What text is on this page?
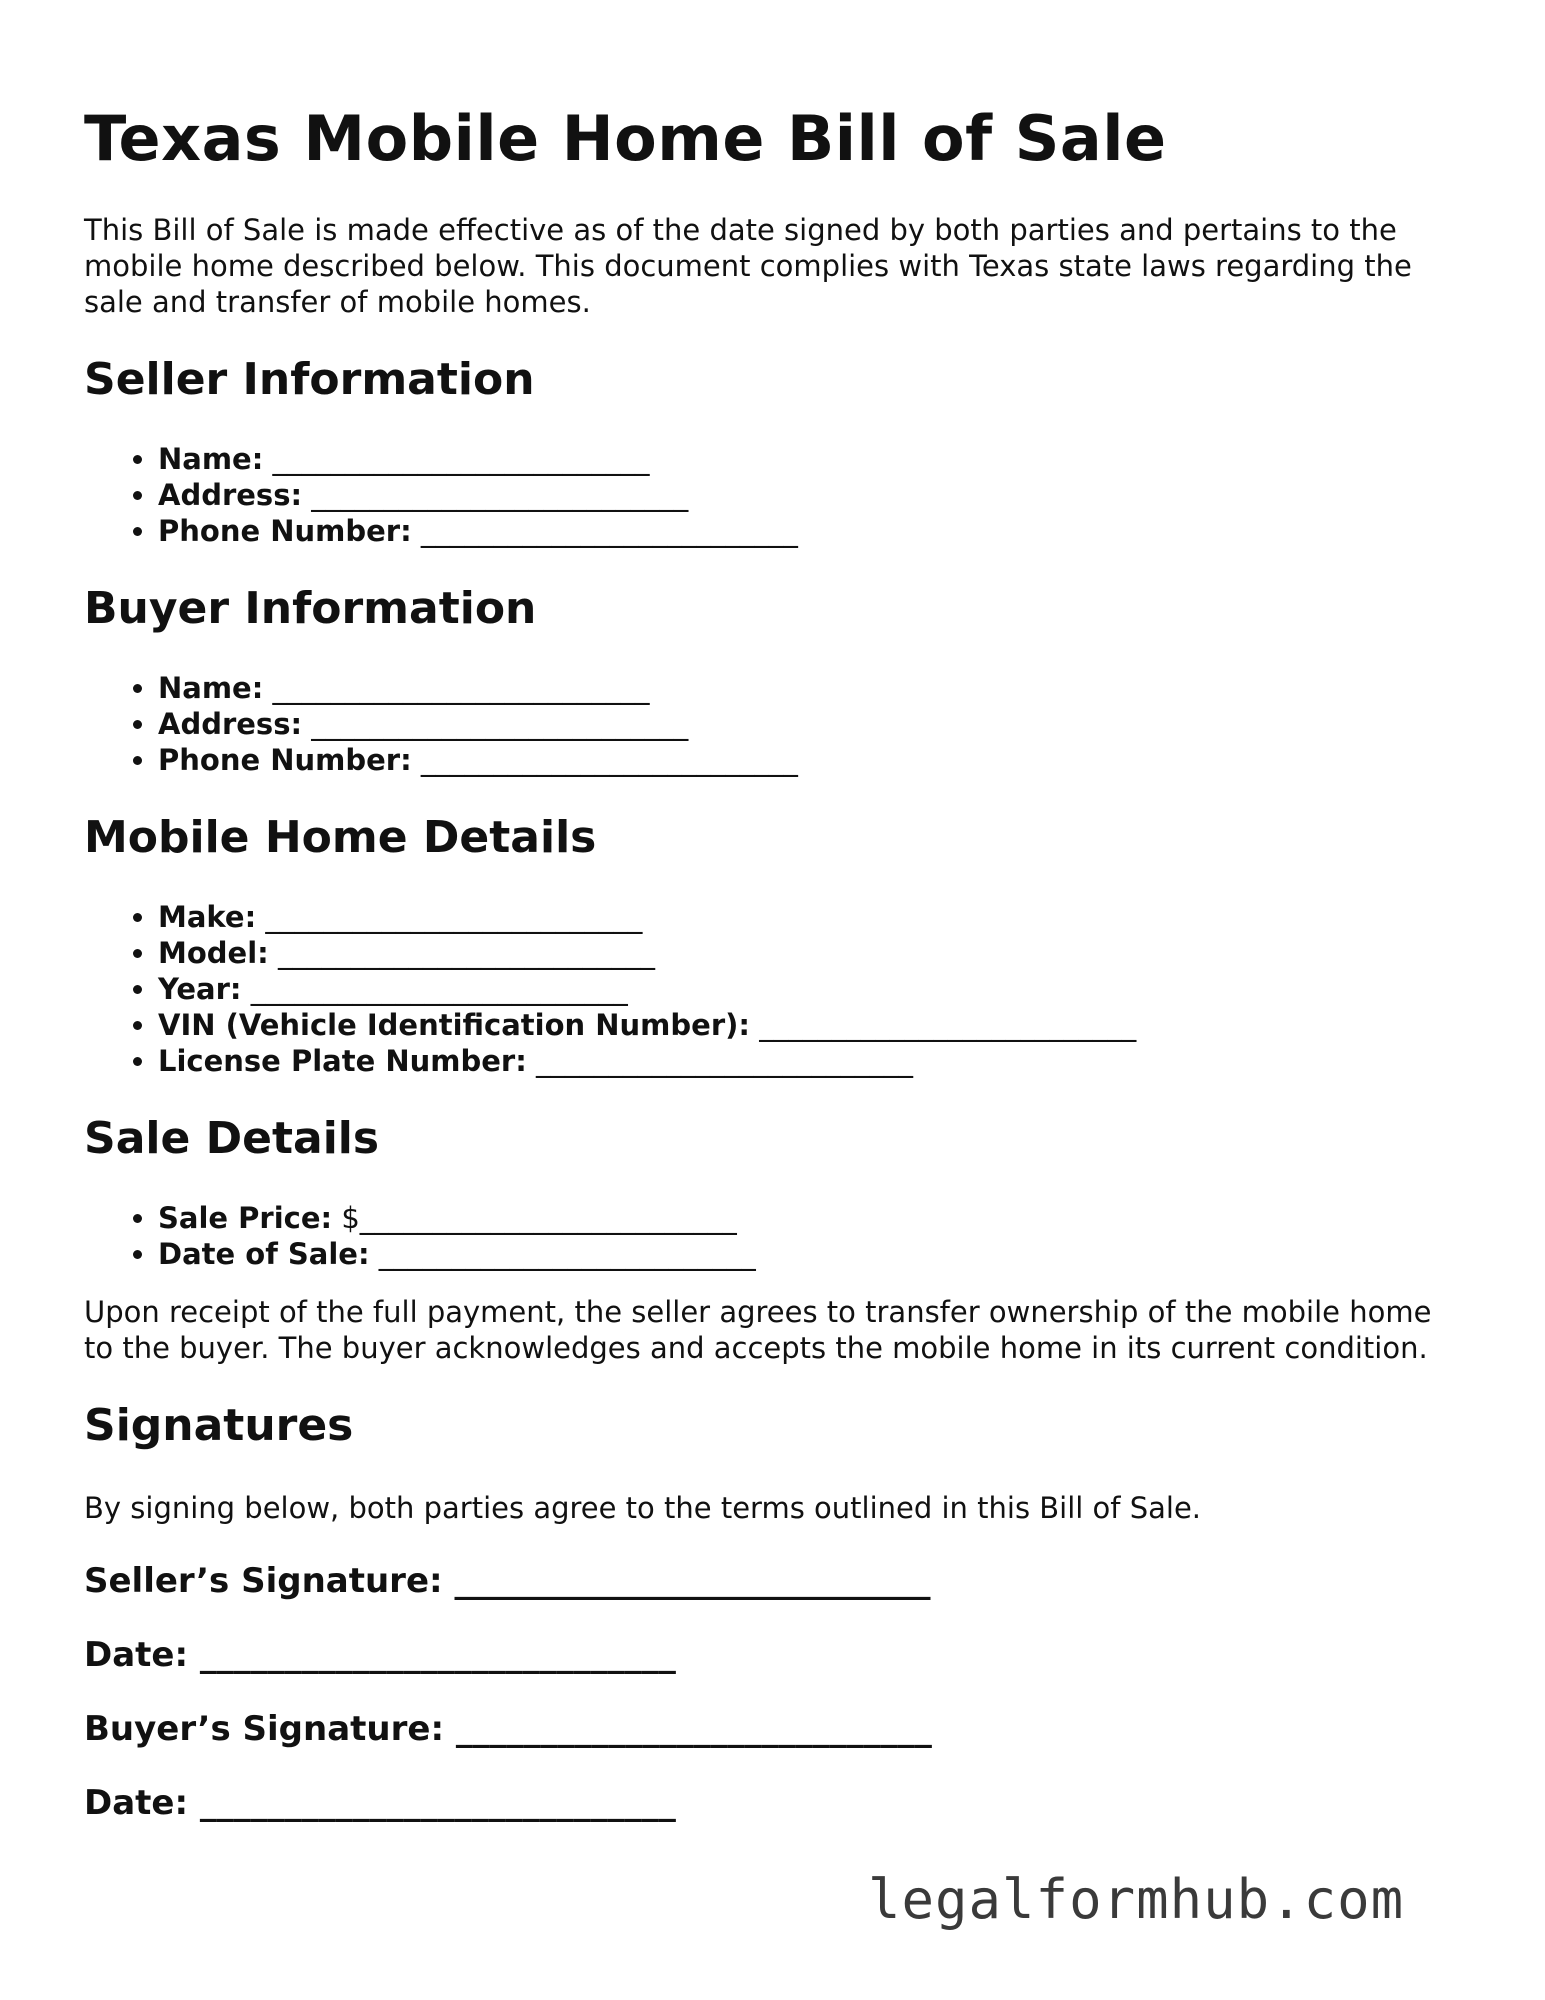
Texas Mobile Home Bill of Sale

This Bill of Sale is made effective as of the date signed by both parties and pertains to the mobile home described below. This document complies with Texas state laws regarding the sale and transfer of mobile homes.

Seller Information
• Name: __________________________
• Address: __________________________
• Phone Number: __________________________
Buyer Information
• Name: __________________________
• Address: __________________________
• Phone Number: __________________________
Mobile Home Details
• Make: __________________________
• Model: __________________________
• Year: __________________________
• VIN (Vehicle Identification Number): __________________________
• License Plate Number: __________________________
Sale Details
• Sale Price: $__________________________
• Date of Sale: __________________________

Upon receipt of the full payment, the seller agrees to transfer ownership of the mobile home to the buyer. The buyer acknowledges and accepts the mobile home in its current condition.

Signatures

By signing below, both parties agree to the terms outlined in this Bill of Sale.

Seller’s Signature: ____________________________

Date: ____________________________

Buyer’s Signature: ____________________________

Date: ____________________________

legalformhub.com
